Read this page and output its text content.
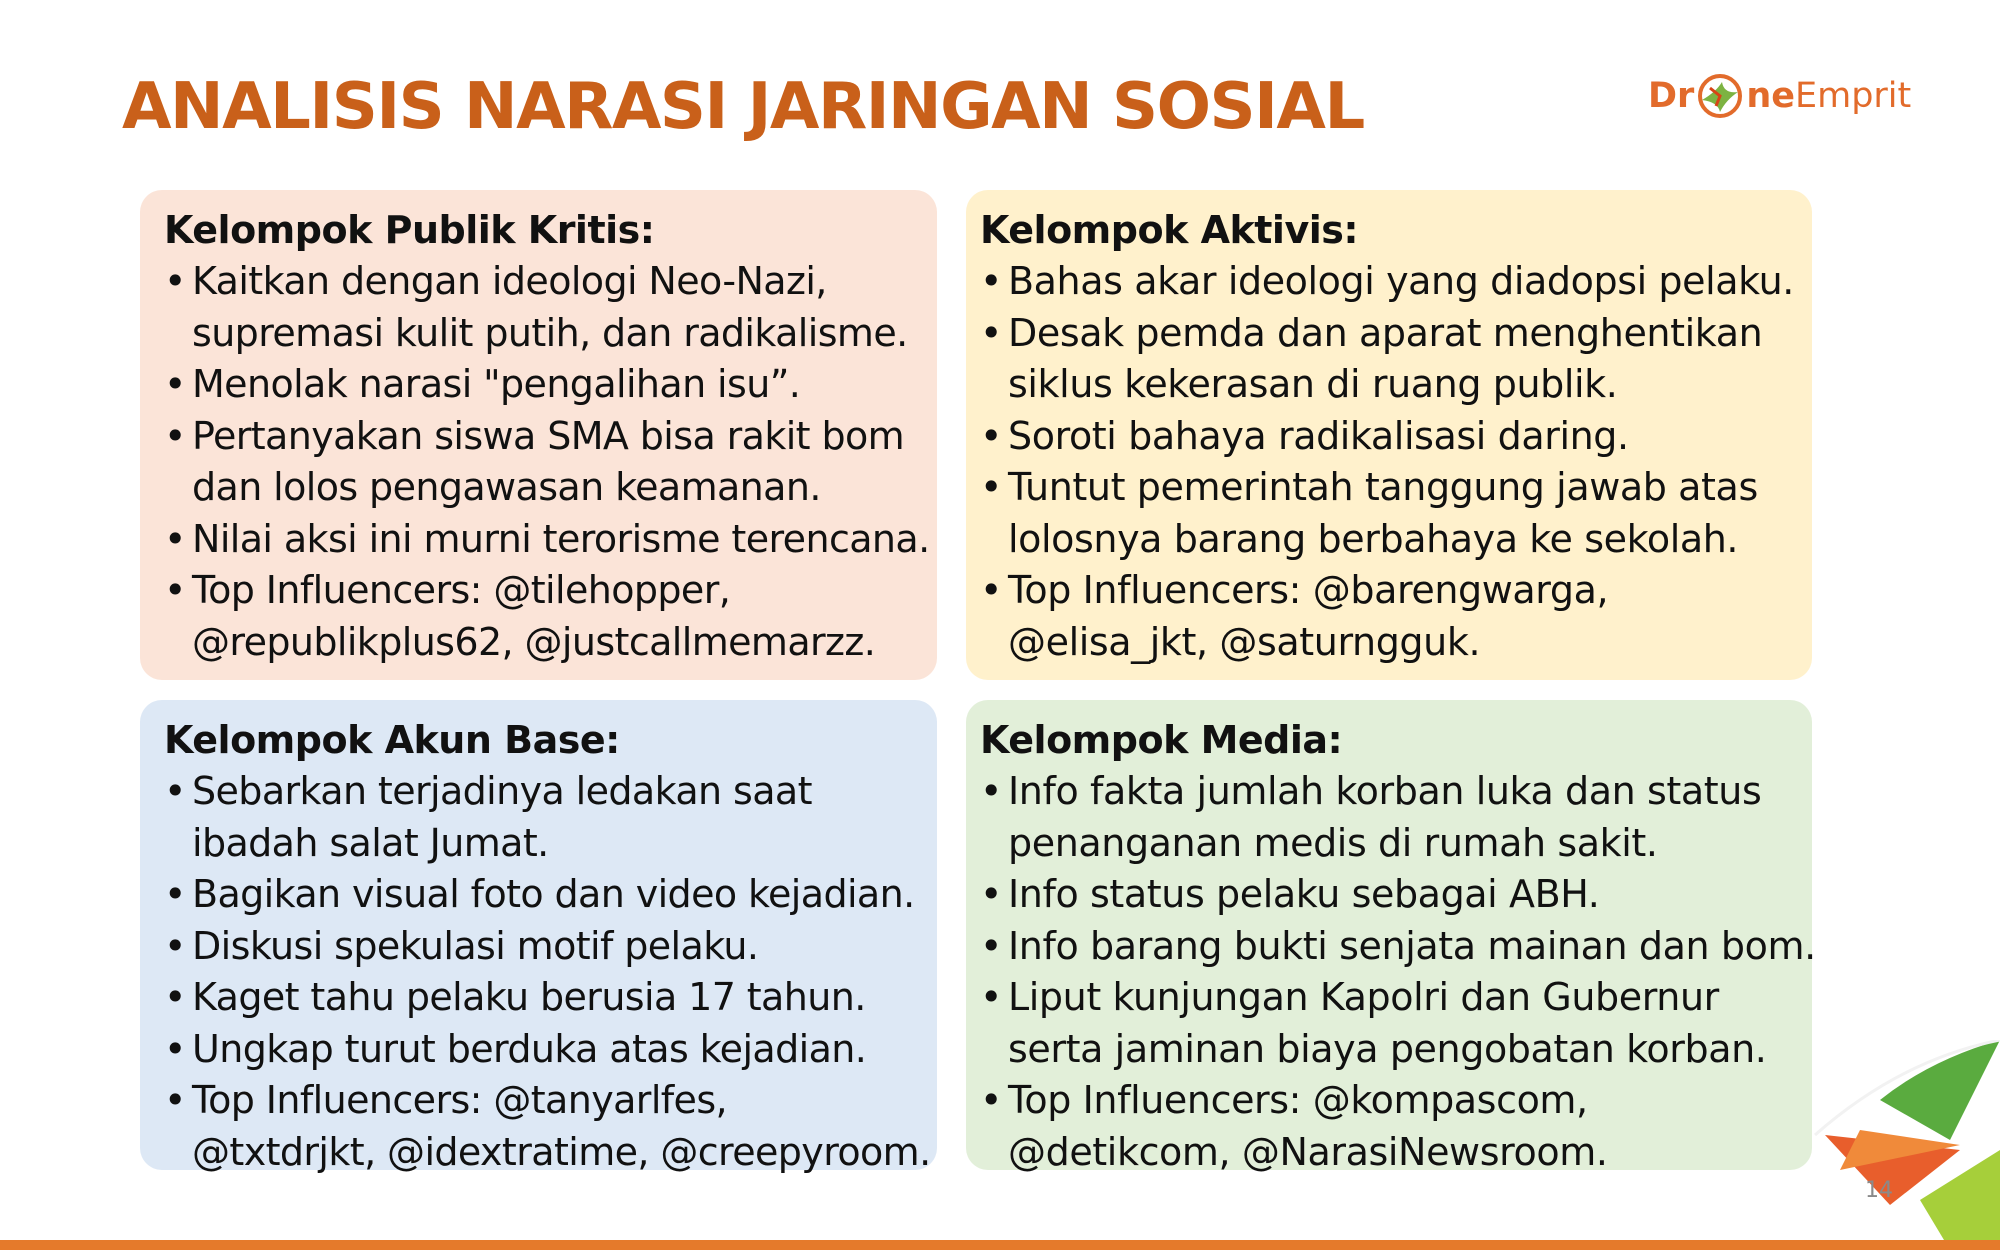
ANALISIS NARASI JARINGAN SOSIAL	Dr ne Emprit
Kelompok Publik Kritis:
• Kaitkan dengan ideologi Neo-Nazi,
supremasi kulit putih, dan radikalisme.
• Menolak narasi "pengalihan isu”.
• Pertanyakan siswa SMA bisa rakit bom
dan lolos pengawasan keamanan.
• Nilai aksi ini murni terorisme terencana.
• Top Influencers: @tilehopper,
@republikplus62, @justcallmemarzz.
Kelompok Aktivis:
• Bahas akar ideologi yang diadopsi pelaku.
• Desak pemda dan aparat menghentikan
siklus kekerasan di ruang publik.
• Soroti bahaya radikalisasi daring.
• Tuntut pemerintah tanggung jawab atas
lolosnya barang berbahaya ke sekolah.
• Top Influencers: @barengwarga,
@elisa_jkt, @saturngguk.
Kelompok Akun Base:
• Sebarkan terjadinya ledakan saat
ibadah salat Jumat.
• Bagikan visual foto dan video kejadian.
• Diskusi spekulasi motif pelaku.
• Kaget tahu pelaku berusia 17 tahun.
• Ungkap turut berduka atas kejadian.
• Top Influencers: @tanyarlfes,
@txtdrjkt, @idextratime, @creepyroom.
Kelompok Media:
• Info fakta jumlah korban luka dan status
penanganan medis di rumah sakit.
• Info status pelaku sebagai ABH.
• Info barang bukti senjata mainan dan bom.
• Liput kunjungan Kapolri dan Gubernur
serta jaminan biaya pengobatan korban.
• Top Influencers: @kompascom,
@detikcom, @NarasiNewsroom.
14
